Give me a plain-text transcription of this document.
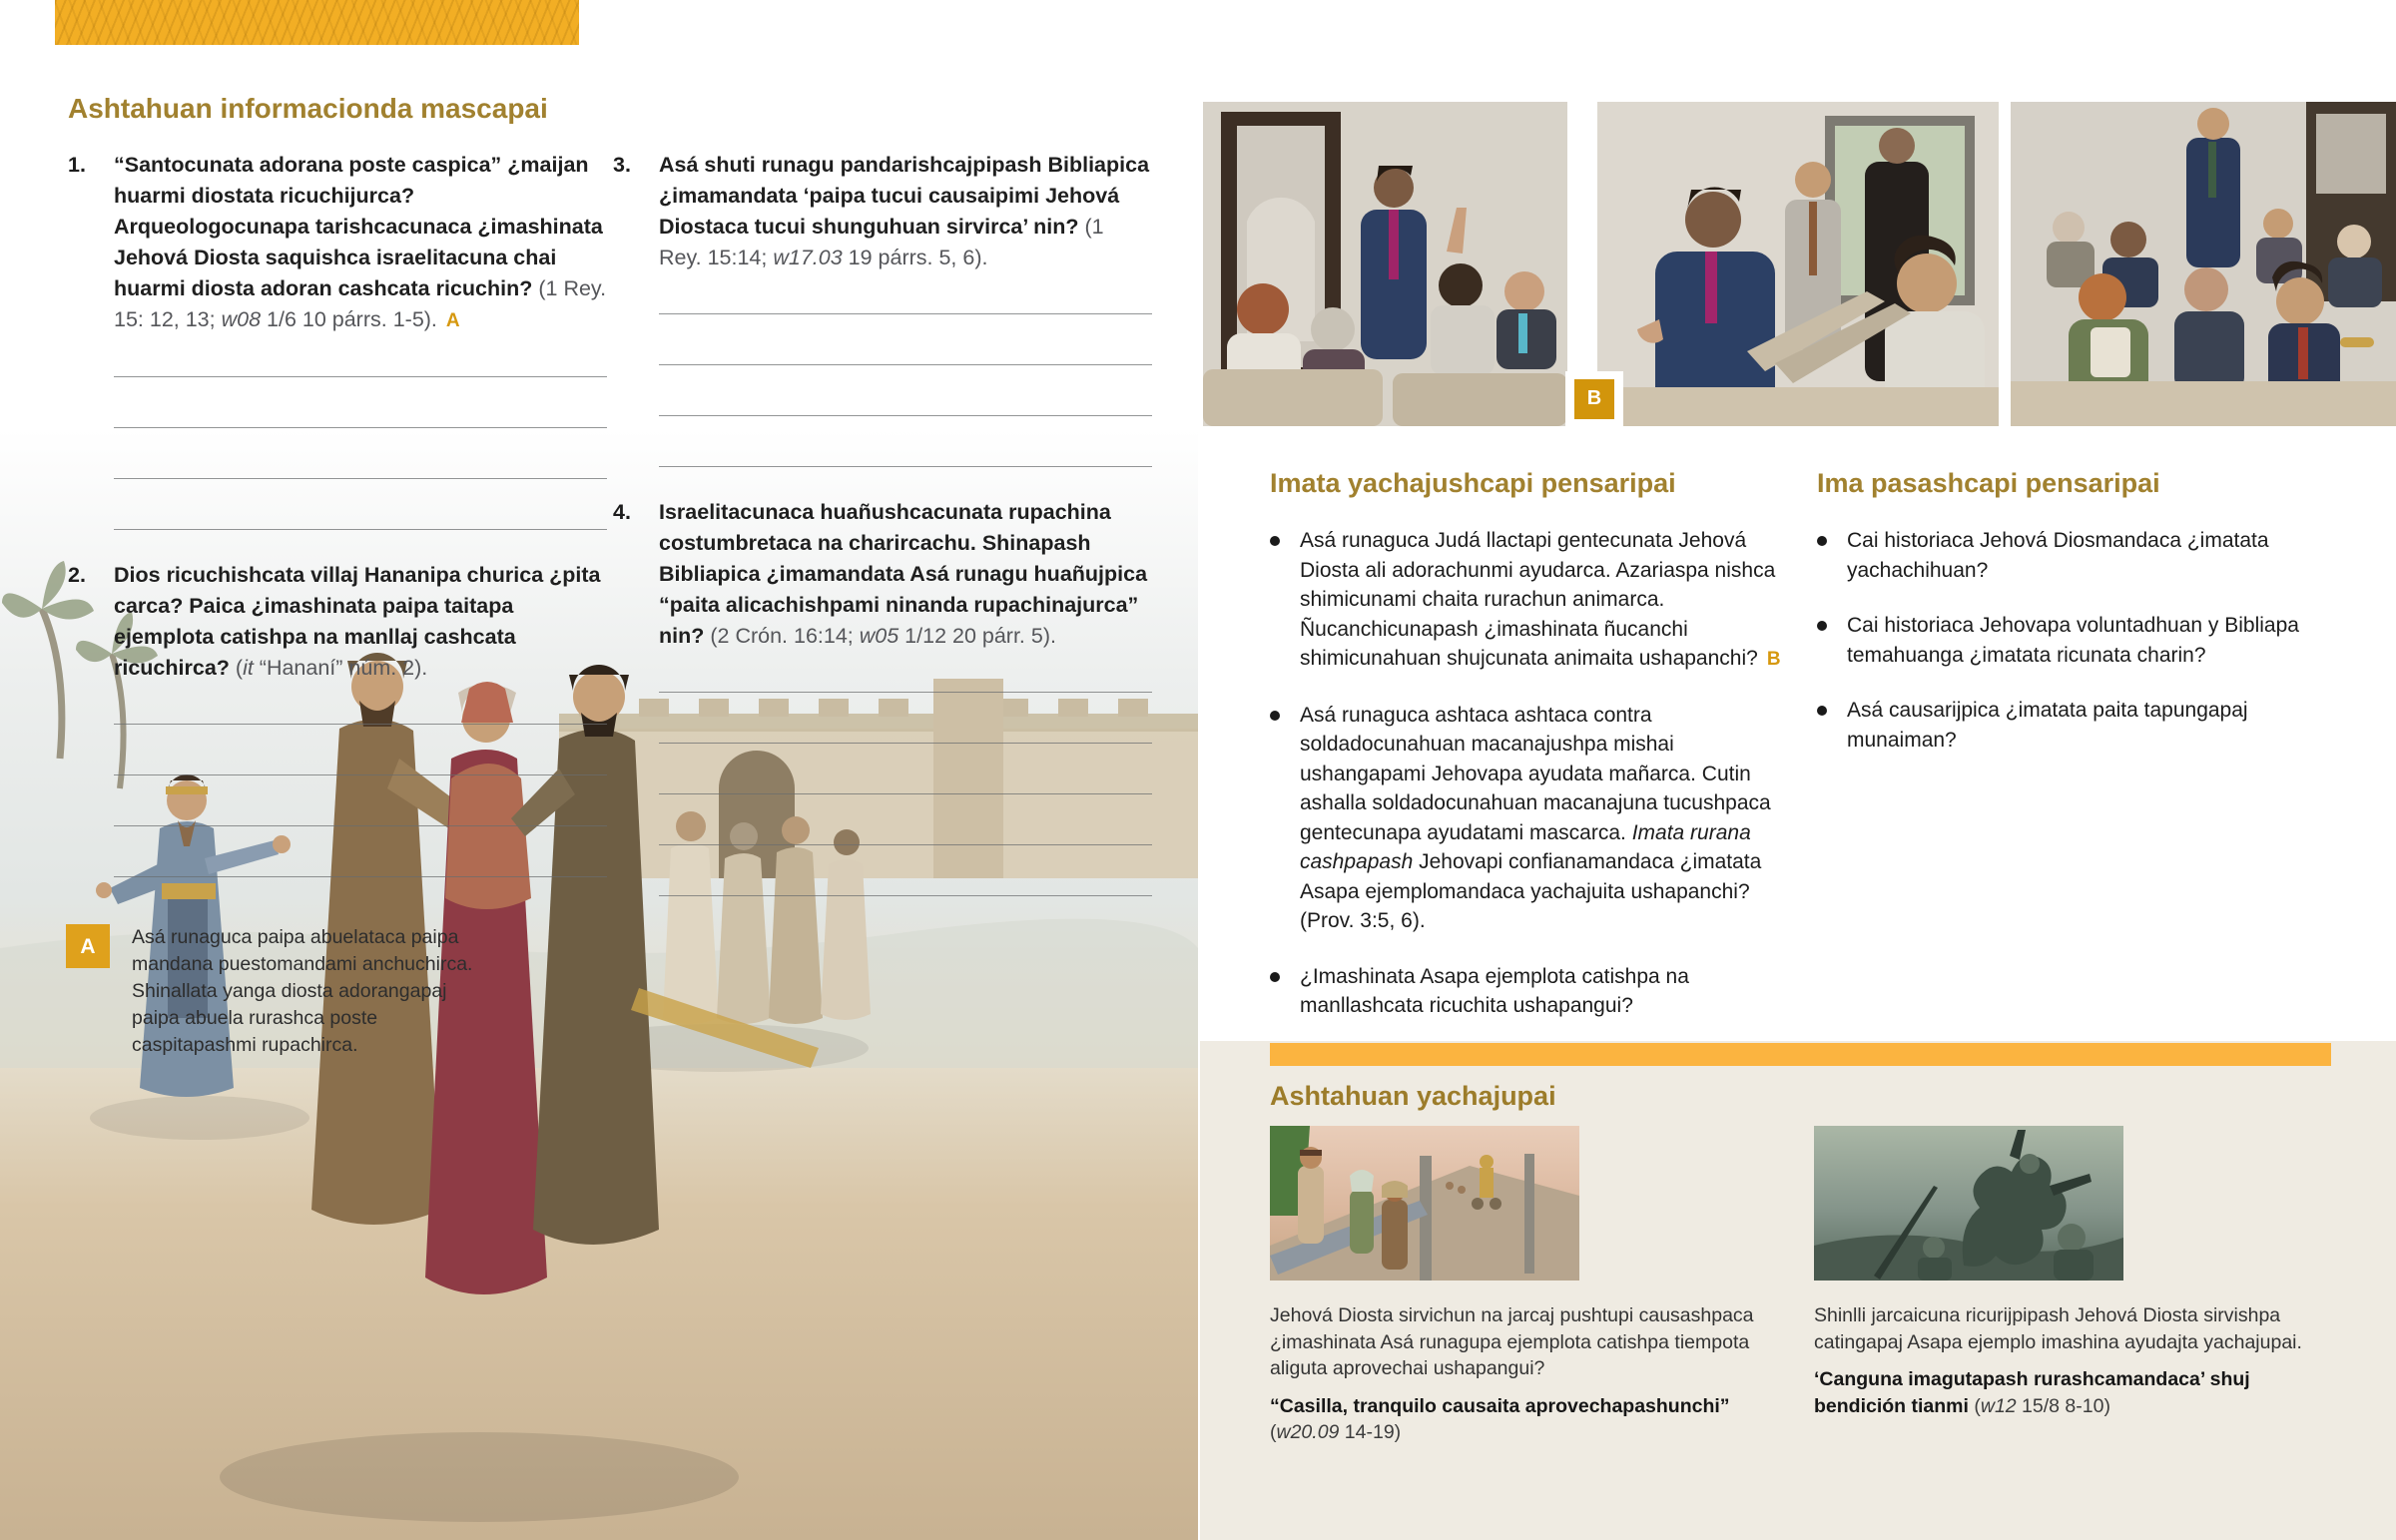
Ashtahuan informacionda mascapai
1.	“Santocunata adorana poste caspica” ¿maijan huarmi diostata ricuchijurca? Arqueologocunapa tarishcacunaca ¿imashinata Jehová Diosta saquishca israelitacuna chai huarmi diosta adoran cashcata ricuchin? (1 Rey. 15: 12, 13; w08 1/6 10 párrs. 1-5). A
2.	Dios ricuchishcata villaj Hananipa churica ¿pita carca? Paica ¿imashinata paipa taitapa ejemplota catishpa na manllaj cashcata ricuchirca? (it “Hananí” núm. 2).
3.	Asá shuti runagu pandarishcajpipash Bibliapica ¿imamandata ‘paipa tucui causaipimi Jehová Diostaca tucui shunguhuan sirvirca’ nin? (1 Rey. 15:14; w17.03 19 párrs. 5, 6).
4.	Israelitacunaca huañushcacunata rupachina costumbretaca na charircachu. Shinapash Bibliapica ¿imamandata Asá runagu huañujpica “paita alicachishpami ninanda rupachinajurca” nin? (2 Crón. 16:14; w05 1/12 20 párr. 5).
A	Asá runaguca paipa abuelataca paipa mandana puestomandami anchuchirca. Shinallata yanga diosta adorangapaj paipa abuela rurashca poste caspitapashmi rupachirca.
B
Imata yachajushcapi pensaripai
Asá runaguca Judá llactapi gentecunata Jehová Diosta ali adorachunmi ayudarca. Azariaspa nishca shimicunami chaita rurachun animarca. Ñucanchicunapash ¿imashinata ñucanchi shimicunahuan shujcunata animaita ushapanchi? B
Asá runaguca ashtaca ashtaca contra soldadocunahuan macanajushpa mishai ushangapami Jehovapa ayudata mañarca. Cutin ashalla soldadocunahuan macanajuna tucushpaca gentecunapa ayudatami mascarca. Imata rurana cashpapash Jehovapi confianamandaca ¿imatata Asapa ejemplomandaca yachajuita ushapanchi? (Prov. 3:5, 6).
¿Imashinata Asapa ejemplota catishpa na manllashcata ricuchita ushapangui?
Ima pasashcapi pensaripai
Cai historiaca Jehová Diosmandaca ¿imatata yachachihuan?
Cai historiaca Jehovapa voluntadhuan y Bibliapa temahuanga ¿imatata ricunata charin?
Asá causarijpica ¿imatata paita tapungapaj munaiman?
Ashtahuan yachajupai

Jehová Diosta sirvichun na jarcaj pushtupi causashpaca ¿imashinata Asá runagupa ejemplota catishpa tiempota aliguta aprovechai ushapangui?

“Casilla, tranquilo causaita aprovechapashunchi” (w20.09 14-19)

Shinlli jarcaicuna ricurijpipash Jehová Diosta sirvishpa catingapaj Asapa ejemplo imashina ayudajta yachajupai.

‘Canguna imagutapash rurashcamandaca’ shuj bendición tianmi (w12 15/8 8-10)
